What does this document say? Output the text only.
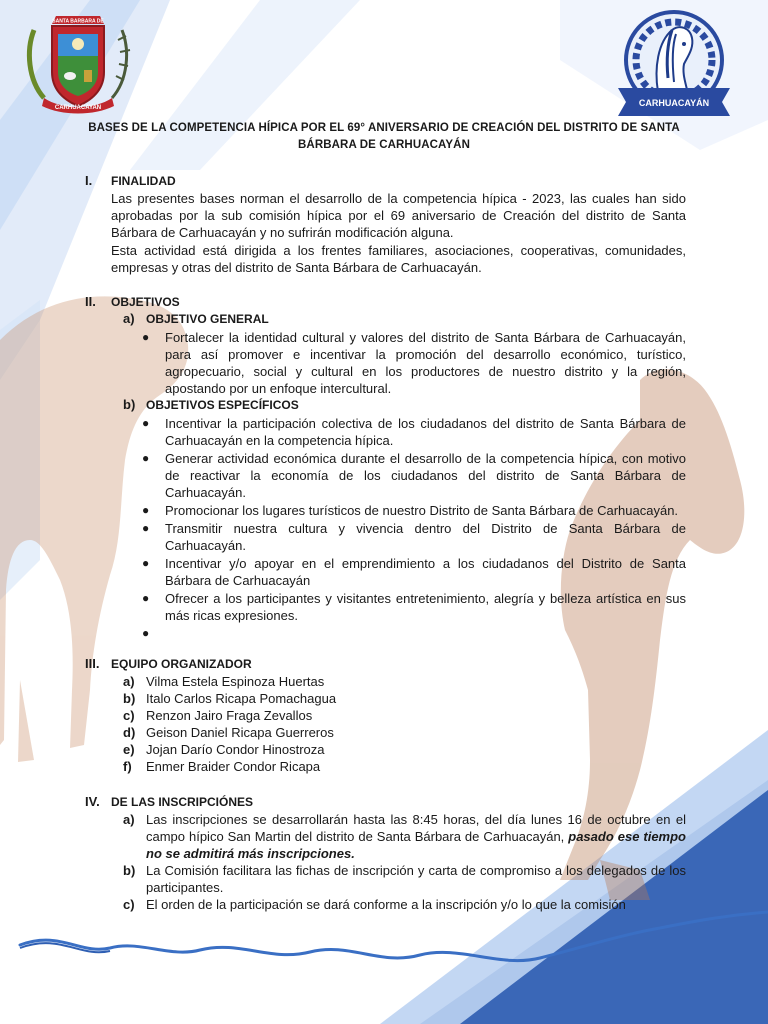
SANTA BARBARA DE
CARHUACAYAN	CARHUACAYÁN
BASES DE LA COMPETENCIA HÍPICA POR EL 69° ANIVERSARIO DE CREACIÓN DEL DISTRITO DE SANTA BÁRBARA DE CARHUACAYÁN
I. FINALIDAD
Las presentes bases norman el desarrollo de la competencia hípica - 2023, las cuales han sido aprobadas por la sub comisión hípica por el 69 aniversario de Creación del distrito de Santa Bárbara de Carhuacayán y no sufrirán modificación alguna.
Esta actividad está dirigida a los frentes familiares, asociaciones, cooperativas, comunidades, empresas y otras del distrito de Santa Bárbara de Carhuacayán.
II. OBJETIVOS
a) OBJETIVO GENERAL
● Fortalecer la identidad cultural y valores del distrito de Santa Bárbara de Carhuacayán, para así promover e incentivar la promoción del desarrollo económico, turístico, agropecuario, social y cultural en los productores de nuestro distrito y la región, apostando por un enfoque intercultural.
b) OBJETIVOS ESPECÍFICOS
● Incentivar la participación colectiva de los ciudadanos del distrito de Santa Bárbara de Carhuacayán en la competencia hípica.
● Generar actividad económica durante el desarrollo de la competencia hípica, con motivo de reactivar la economía de los ciudadanos del distrito de Santa Bárbara de Carhuacayán.
● Promocionar los lugares turísticos de nuestro Distrito de Santa Bárbara de Carhuacayán.
● Transmitir nuestra cultura y vivencia dentro del Distrito de Santa Bárbara de Carhuacayán.
● Incentivar y/o apoyar en el emprendimiento a los ciudadanos del Distrito de Santa Bárbara de Carhuacayán
● Ofrecer a los participantes y visitantes entretenimiento, alegría y belleza artística en sus más ricas expresiones.
●
III. EQUIPO ORGANIZADOR
a) Vilma Estela Espinoza Huertas
b) Italo Carlos Ricapa Pomachagua
c) Renzon Jairo Fraga Zevallos
d) Geison Daniel Ricapa Guerreros
e) Jojan Darío Condor Hinostroza
f) Enmer Braider Condor Ricapa
IV. DE LAS INSCRIPCIÓNES
a) Las inscripciones se desarrollarán hasta las 8:45 horas, del día lunes 16 de octubre en el campo hípico San Martin del distrito de Santa Bárbara de Carhuacayán, pasado ese tiempo no se admitirá más inscripciones.
b) La Comisión facilitara las fichas de inscripción y carta de compromiso a los delegados de los participantes.
c) El orden de la participación se dará conforme a la inscripción y/o lo que la comisión
